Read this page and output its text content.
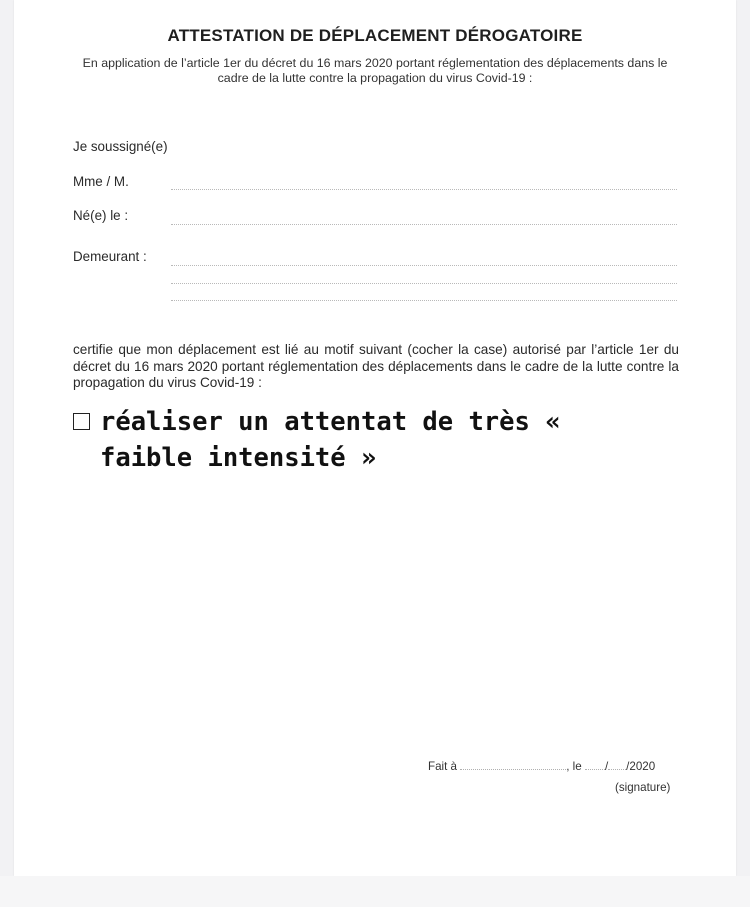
ATTESTATION DE DÉPLACEMENT DÉROGATOIRE
En application de l’article 1er du décret du 16 mars 2020 portant réglementation des déplacements dans le cadre de la lutte contre la propagation du virus Covid-19 :
Je soussigné(e)
Mme / M.
Né(e) le :
Demeurant :
certifie que mon déplacement est lié au motif suivant (cocher la case) autorisé par l’article 1er du décret du 16 mars 2020 portant réglementation des déplacements dans le cadre de la lutte contre la propagation du virus Covid-19 :
réaliser un attentat de très « faible intensité »
Fait à	, le / /2020
(signature)
